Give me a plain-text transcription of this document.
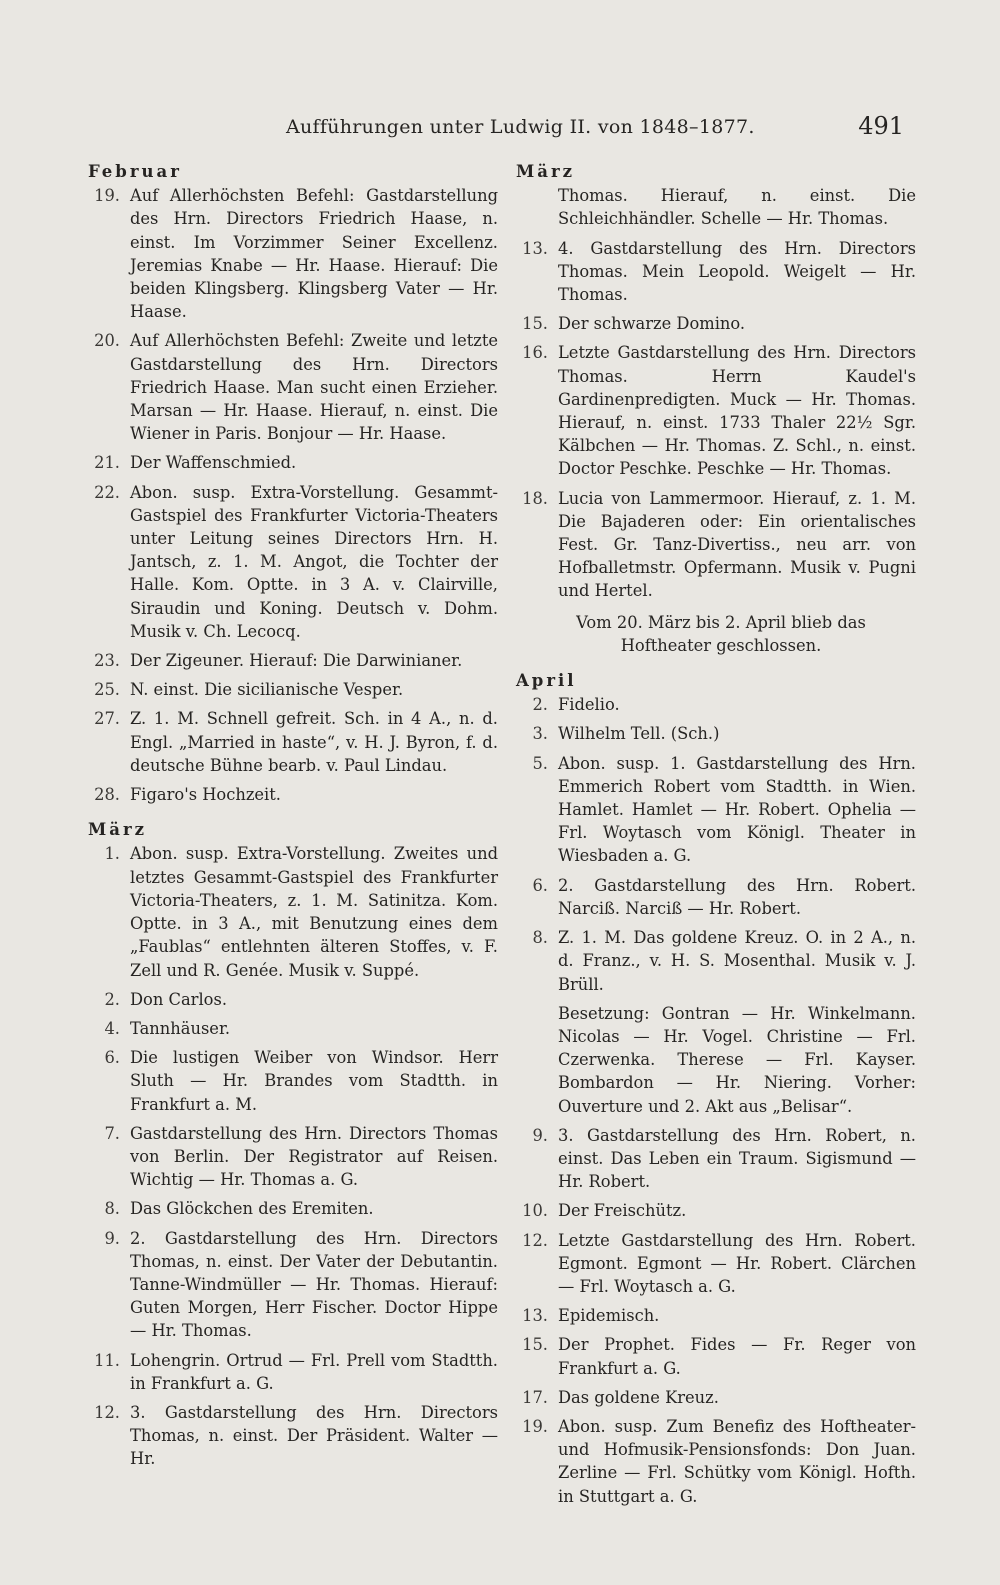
Aufführungen unter Ludwig II. von 1848–1877.	491
Februar
19. Auf Allerhöchsten Befehl: Gastdarstellung des Hrn. Directors Friedrich Haase, n. einst. Im Vorzimmer Seiner Excellenz. Jeremias Knabe — Hr. Haase. Hierauf: Die beiden Klingsberg. Klingsberg Vater — Hr. Haase.
20. Auf Allerhöchsten Befehl: Zweite und letzte Gastdarstellung des Hrn. Directors Friedrich Haase. Man sucht einen Erzieher. Marsan — Hr. Haase. Hierauf, n. einst. Die Wiener in Paris. Bonjour — Hr. Haase.
21. Der Waffenschmied.
22. Abon. susp. Extra-Vorstellung. Gesammt-Gastspiel des Frankfurter Victoria-Theaters unter Leitung seines Directors Hrn. H. Jantsch, z. 1. M. Angot, die Tochter der Halle. Kom. Optte. in 3 A. v. Clairville, Siraudin und Koning. Deutsch v. Dohm. Musik v. Ch. Lecocq.
23. Der Zigeuner. Hierauf: Die Darwinianer.
25. N. einst. Die sicilianische Vesper.
27. Z. 1. M. Schnell gefreit. Sch. in 4 A., n. d. Engl. „Married in haste“, v. H. J. Byron, f. d. deutsche Bühne bearb. v. Paul Lindau.
28. Figaro's Hochzeit.
März
1. Abon. susp. Extra-Vorstellung. Zweites und letztes Gesammt-Gastspiel des Frankfurter Victoria-Theaters, z. 1. M. Satinitza. Kom. Optte. in 3 A., mit Benutzung eines dem „Faublas“ entlehnten älteren Stoffes, v. F. Zell und R. Genée. Musik v. Suppé.
2. Don Carlos.
4. Tannhäuser.
6. Die lustigen Weiber von Windsor. Herr Sluth — Hr. Brandes vom Stadtth. in Frankfurt a. M.
7. Gastdarstellung des Hrn. Directors Thomas von Berlin. Der Registrator auf Reisen. Wichtig — Hr. Thomas a. G.
8. Das Glöckchen des Eremiten.
9. 2. Gastdarstellung des Hrn. Directors Thomas, n. einst. Der Vater der Debutantin. Tanne-Windmüller — Hr. Thomas. Hierauf: Guten Morgen, Herr Fischer. Doctor Hippe — Hr. Thomas.
11. Lohengrin. Ortrud — Frl. Prell vom Stadtth. in Frankfurt a. G.
12. 3. Gastdarstellung des Hrn. Directors Thomas, n. einst. Der Präsident. Walter — Hr.
März
Thomas. Hierauf, n. einst. Die Schleichhändler. Schelle — Hr. Thomas.
13. 4. Gastdarstellung des Hrn. Directors Thomas. Mein Leopold. Weigelt — Hr. Thomas.
15. Der schwarze Domino.
16. Letzte Gastdarstellung des Hrn. Directors Thomas. Herrn Kaudel's Gardinenpredigten. Muck — Hr. Thomas. Hierauf, n. einst. 1733 Thaler 22½ Sgr. Kälbchen — Hr. Thomas. Z. Schl., n. einst. Doctor Peschke. Peschke — Hr. Thomas.
18. Lucia von Lammermoor. Hierauf, z. 1. M. Die Bajaderen oder: Ein orientalisches Fest. Gr. Tanz-Divertiss., neu arr. von Hofballetmstr. Opfermann. Musik v. Pugni und Hertel.
Vom 20. März bis 2. April blieb das Hoftheater geschlossen.
April
2. Fidelio.
3. Wilhelm Tell. (Sch.)
5. Abon. susp. 1. Gastdarstellung des Hrn. Emmerich Robert vom Stadtth. in Wien. Hamlet. Hamlet — Hr. Robert. Ophelia — Frl. Woytasch vom Königl. Theater in Wiesbaden a. G.
6. 2. Gastdarstellung des Hrn. Robert. Narciß. Narciß — Hr. Robert.
8. Z. 1. M. Das goldene Kreuz. O. in 2 A., n. d. Franz., v. H. S. Mosenthal. Musik v. J. Brüll.
Besetzung: Gontran — Hr. Winkelmann. Nicolas — Hr. Vogel. Christine — Frl. Czerwenka. Therese — Frl. Kayser. Bombardon — Hr. Niering. Vorher: Ouverture und 2. Akt aus „Belisar“.
9. 3. Gastdarstellung des Hrn. Robert, n. einst. Das Leben ein Traum. Sigismund — Hr. Robert.
10. Der Freischütz.
12. Letzte Gastdarstellung des Hrn. Robert. Egmont. Egmont — Hr. Robert. Clärchen — Frl. Woytasch a. G.
13. Epidemisch.
15. Der Prophet. Fides — Fr. Reger von Frankfurt a. G.
17. Das goldene Kreuz.
19. Abon. susp. Zum Benefiz des Hoftheater- und Hofmusik-Pensionsfonds: Don Juan. Zerline — Frl. Schütky vom Königl. Hofth. in Stuttgart a. G.
